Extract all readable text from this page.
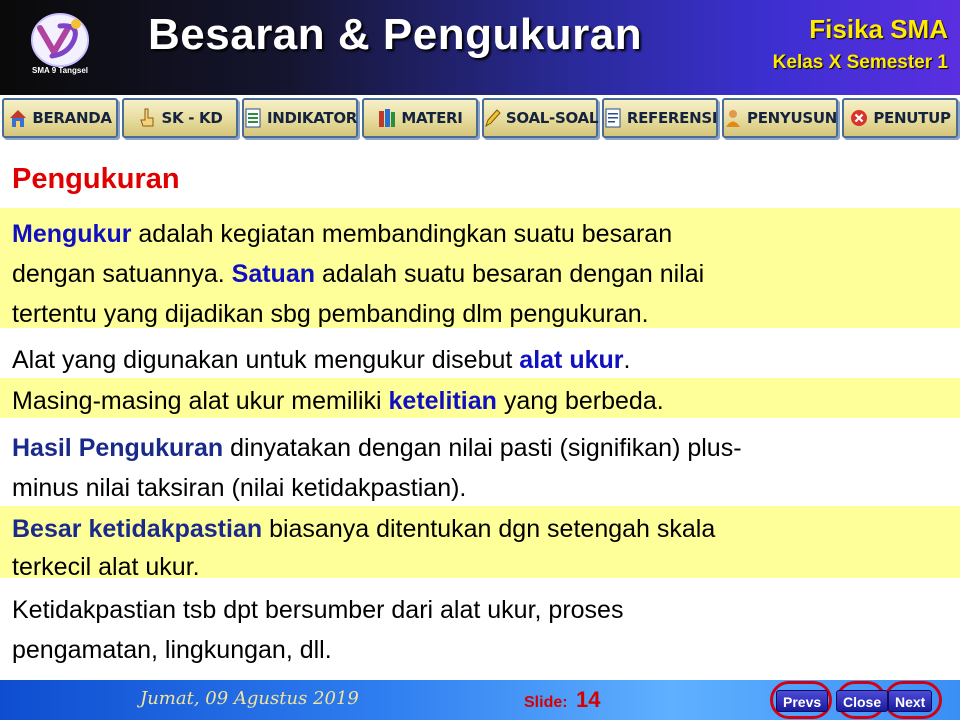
SMA 9 Tangsel
Besaran & Pengukuran	Fisika SMA
Kelas X Semester 1
BERANDA	SK - KD	INDIKATOR	MATERI	SOAL-SOAL REFERENSI PENYUSUN PENUTUP
Pengukuran
Mengukur adalah kegiatan membandingkan suatu besaran
dengan satuannya. Satuan adalah suatu besaran dengan nilai
tertentu yang dijadikan sbg pembanding dlm pengukuran.
Alat yang digunakan untuk mengukur disebut alat ukur.
Masing-masing alat ukur memiliki ketelitian yang berbeda.
Hasil Pengukuran dinyatakan dengan nilai pasti (signifikan) plus-
minus nilai taksiran (nilai ketidakpastian).
Besar ketidakpastian biasanya ditentukan dgn setengah skala
terkecil alat ukur.
Ketidakpastian tsb dpt bersumber dari alat ukur, proses
pengamatan, lingkungan, dll.
Jumat, 09 Agustus 2019	Slide: 14	Prevs	Close Next
